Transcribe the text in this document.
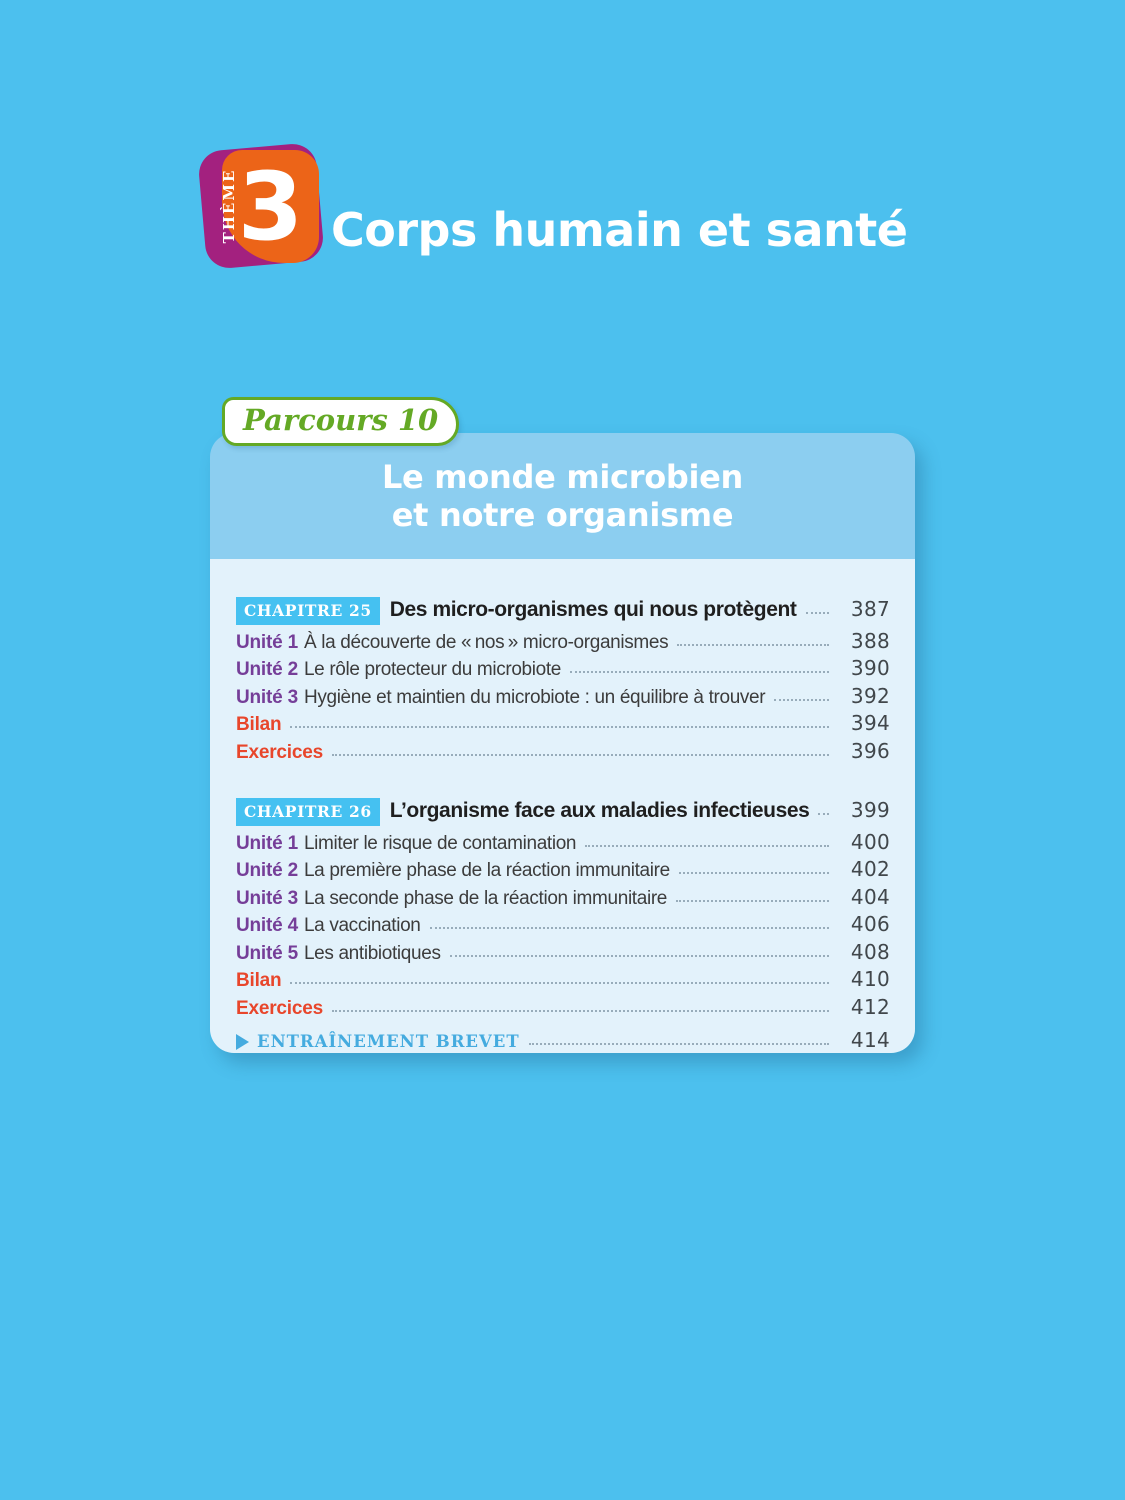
THÈME 3 Corps humain et santé
Parcours 10
Le monde microbien
et notre organisme
CHAPITRE 25 Des micro-organismes qui nous protègent	387
Unité 1 À la découverte de « nos » micro-organismes	388
Unité 2 Le rôle protecteur du microbiote	390
Unité 3 Hygiène et maintien du microbiote : un équilibre à trouver	392
Bilan	394
Exercices	396
CHAPITRE 26 L’organisme face aux maladies infectieuses	399
Unité 1 Limiter le risque de contamination	400
Unité 2 La première phase de la réaction immunitaire	402
Unité 3 La seconde phase de la réaction immunitaire	404
Unité 4 La vaccination	406
Unité 5 Les antibiotiques	408
Bilan	410
Exercices	412
ENTRAÎNEMENT BREVET	414
